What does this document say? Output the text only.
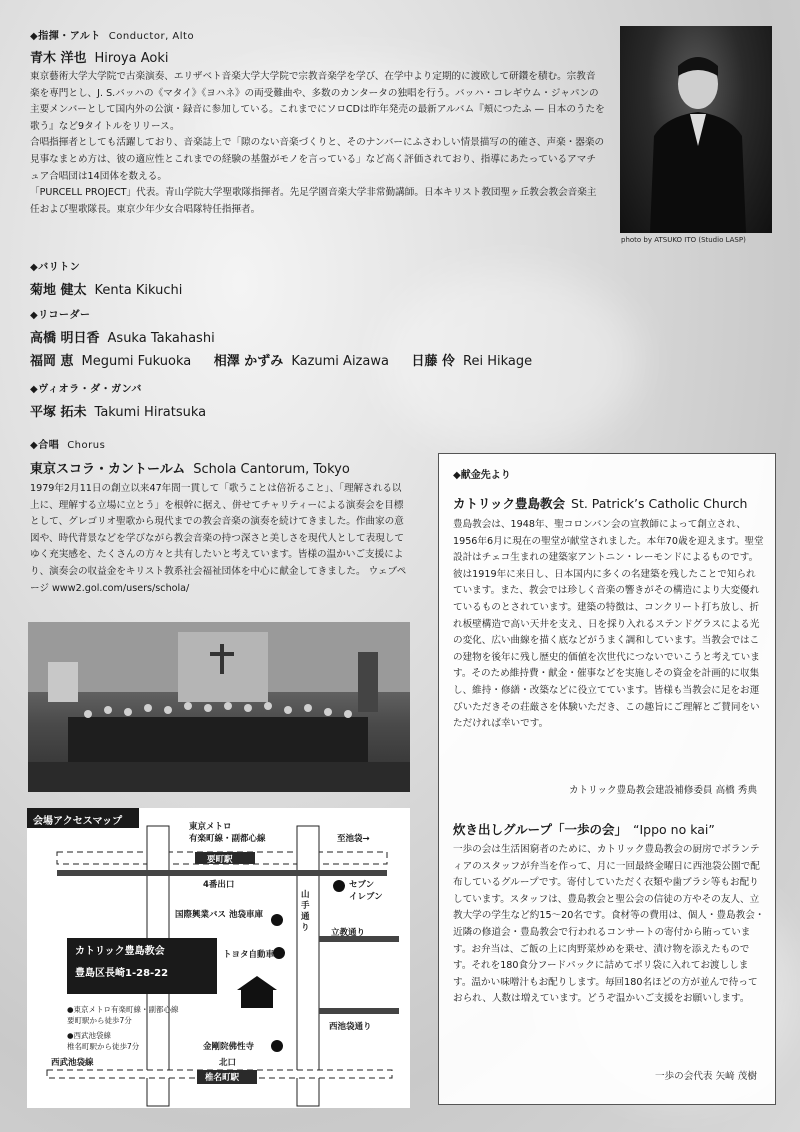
◆指揮・アルト Conductor, Alto
青木 洋也 Hiroya Aoki
東京藝術大学大学院で古楽演奏、エリザベト音楽大学大学院で宗教音楽学を学び、在学中より定期的に渡欧して研鑽を積む。宗教音楽を専門とし、J. S.バッハの《マタイ》《ヨハネ》の両受難曲や、多数のカンタータの独唱を行う。バッハ・コレギウム・ジャパンの主要メンバーとして国内外の公演・録音に参加している。これまでにソロCDは昨年発売の最新アルバム『頬につたふ — 日本のうたを歌う』など9タイトルをリリース。
合唱指揮者としても活躍しており、音楽誌上で「隙のない音楽づくりと、そのナンバーにふさわしい情景描写の的確さ、声楽・器楽の見事なまとめ方は、彼の適应性とこれまでの経験の基盤がモノを言っている」など高く評価されており、指導にあたっているアマチュア合唱団は14団体を数える。
「PURCELL PROJECT」代表。青山学院大学聖歌隊指揮者。先足学園音楽大学非常勤講師。日本キリスト教団聖ヶ丘教会教会音楽主任および聖歌隊長。東京少年少女合唱隊特任指揮者。
photo by ATSUKO ITO (Studio LASP)
◆バリトン
菊地 健太 Kenta Kikuchi
◆リコーダー
高橋 明日香 Asuka Takahashi
福岡 恵 Megumi Fukuoka 相澤 かずみ Kazumi Aizawa 日藤 伶 Rei Hikage
◆ヴィオラ・ダ・ガンバ
平塚 拓未 Takumi Hiratsuka
◆合唱 Chorus
東京スコラ・カントールム Schola Cantorum, Tokyo
1979年2月11日の創立以来47年間一貫して「歌うことは倍祈ること」、「理解される以上に、理解する立場に立とう」を根幹に据え、併せてチャリティーによる演奏会を目標として、グレゴリオ聖歌から現代までの教会音楽の演奏を続けてきました。作曲家の意図や、時代背景などを学びながら教会音楽の持つ深さと美しさを現代人として表現してゆく充実感を、たくさんの方々と共有したいと考えています。皆様の温かいご支援により、演奏会の収益金をキリスト教系社会福祉団体を中心に献金してきました。 ウェブページ www2.gol.com/users/schola/
会場アクセスマップ	東京メトロ
有楽町線・副都心線	至池袋→
要町駅
4番出口
山手通り
セブン
イレブン
国際興業バス 池袋車庫
立教通り
カトリック豊島教会
豊島区長崎1-28-22
トヨタ自動車
●東京メトロ有楽町線・副都心線
要町駅から徒歩7分
●西武池袋線
椎名町駅から徒歩7分
西池袋通り
金剛院佛性寺
西武池袋線	北口
椎名町駅
◆献金先より
カトリック豊島教会 St. Patrick’s Catholic Church
豊島教会は、1948年、聖コロンバン会の宣教師によって創立され、1956年6月に現在の聖堂が献堂されました。本年70歳を迎えます。聖堂設計はチェコ生まれの建築家アントニン・レーモンドによるものです。彼は1919年に来日し、日本国内に多くの名建築を残したことで知られています。また、教会では珍しく音楽の響きがその構造により大変優れているものとされています。建築の特徴は、コンクリート打ち放し、折れ板壁構造で高い天井を支え、日を採り入れるステンドグラスによる光の変化、広い曲線を描く底などがうまく調和しています。当教会ではこの建物を後年に残し歴史的価値を次世代につないでいこうと考えています。そのため維持費・献金・催事などを実施しその資金を計画的に収集し、維持・修繕・改築などに役立てています。皆様も当教会に足をお運びいただきその荘厳さを体験いただき、この趣旨にご理解とご賛同をいただければ幸いです。
カトリック豊島教会建設補修委員 高橋 秀典
炊き出しグループ「一歩の会」 “Ippo no kai”
一歩の会は生活困窮者のために、カトリック豊島教会の厨房でボランティアのスタッフが弁当を作って、月に一回最終金曜日に西池袋公園で配布しているグループです。寄付していただく衣類や歯ブラシ等もお配りしています。スタッフは、豊島教会と聖公会の信徒の方やその友人、立教大学の学生など約15〜20名です。食材等の費用は、個人・豊島教会・近隣の修道会・豊島教会で行われるコンサートの寄付から賄っています。お弁当は、ご飯の上に肉野菜炒めを乗せ、漬け物を添えたものです。それを180食分フードパックに詰めてポリ袋に入れてお渡しします。温かい味噌汁もお配りします。毎回180名ほどの方が並んで待っておられ、人数は増えています。どうぞ温かいご支援をお願いします。
一歩の会代表 矢﨑 茂樹
